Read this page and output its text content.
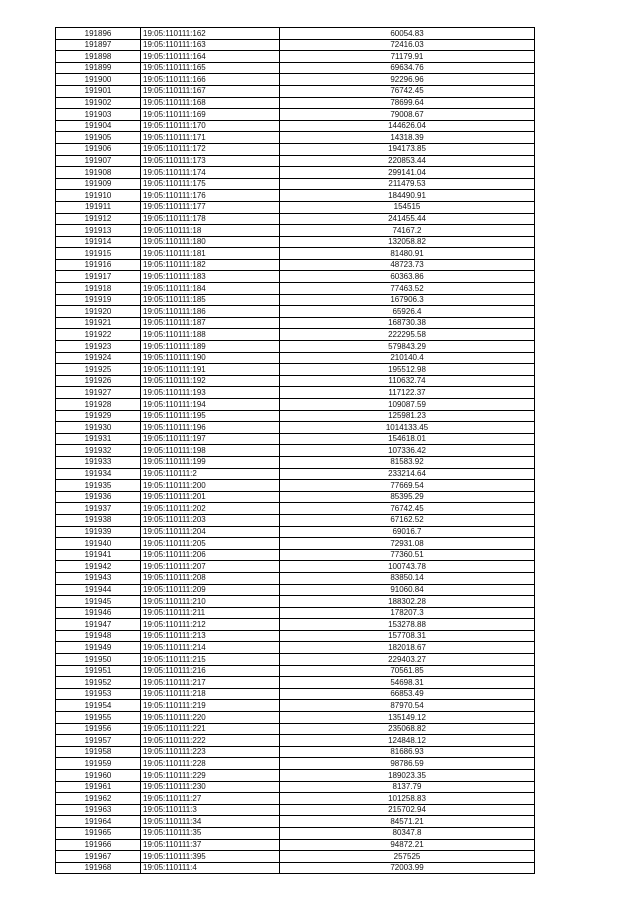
191896	19:05:110111:162	60054.83
191897	19:05:110111:163	72416.03
191898	19:05:110111:164	71179.91
191899	19:05:110111:165	69634.76
191900	19:05:110111:166	92296.96
191901	19:05:110111:167	76742.45
191902	19:05:110111:168	78699.64
191903	19:05:110111:169	79008.67
191904	19:05:110111:170	144626.04
191905	19:05:110111:171	14318.39
191906	19:05:110111:172	194173.85
191907	19:05:110111:173	220853.44
191908	19:05:110111:174	299141.04
191909	19:05:110111:175	211479.53
191910	19:05:110111:176	184490.91
191911	19:05:110111:177	154515
191912	19:05:110111:178	241455.44
191913	19:05:110111:18	74167.2
191914	19:05:110111:180	132058.82
191915	19:05:110111:181	81480.91
191916	19:05:110111:182	48723.73
191917	19:05:110111:183	60363.86
191918	19:05:110111:184	77463.52
191919	19:05:110111:185	167906.3
191920	19:05:110111:186	65926.4
191921	19:05:110111:187	168730.38
191922	19:05:110111:188	222295.58
191923	19:05:110111:189	579843.29
191924	19:05:110111:190	210140.4
191925	19:05:110111:191	195512.98
191926	19:05:110111:192	110632.74
191927	19:05:110111:193	117122.37
191928	19:05:110111:194	109087.59
191929	19:05:110111:195	125981.23
191930	19:05:110111:196	1014133.45
191931	19:05:110111:197	154618.01
191932	19:05:110111:198	107336.42
191933	19:05:110111:199	81583.92
191934	19:05:110111:2	233214.64
191935	19:05:110111:200	77669.54
191936	19:05:110111:201	85395.29
191937	19:05:110111:202	76742.45
191938	19:05:110111:203	67162.52
191939	19:05:110111:204	69016.7
191940	19:05:110111:205	72931.08
191941	19:05:110111:206	77360.51
191942	19:05:110111:207	100743.78
191943	19:05:110111:208	83850.14
191944	19:05:110111:209	91060.84
191945	19:05:110111:210	188302.28
191946	19:05:110111:211	178207.3
191947	19:05:110111:212	153278.88
191948	19:05:110111:213	157708.31
191949	19:05:110111:214	182018.67
191950	19:05:110111:215	229403.27
191951	19:05:110111:216	70561.85
191952	19:05:110111:217	54698.31
191953	19:05:110111:218	66853.49
191954	19:05:110111:219	87970.54
191955	19:05:110111:220	135149.12
191956	19:05:110111:221	235068.82
191957	19:05:110111:222	124848.12
191958	19:05:110111:223	81686.93
191959	19:05:110111:228	98786.59
191960	19:05:110111:229	189023.35
191961	19:05:110111:230	8137.79
191962	19:05:110111:27	101258.83
191963	19:05:110111:3	215702.94
191964	19:05:110111:34	84571.21
191965	19:05:110111:35	80347.8
191966	19:05:110111:37	94872.21
191967	19:05:110111:395	257525
191968	19:05:110111:4	72003.99
